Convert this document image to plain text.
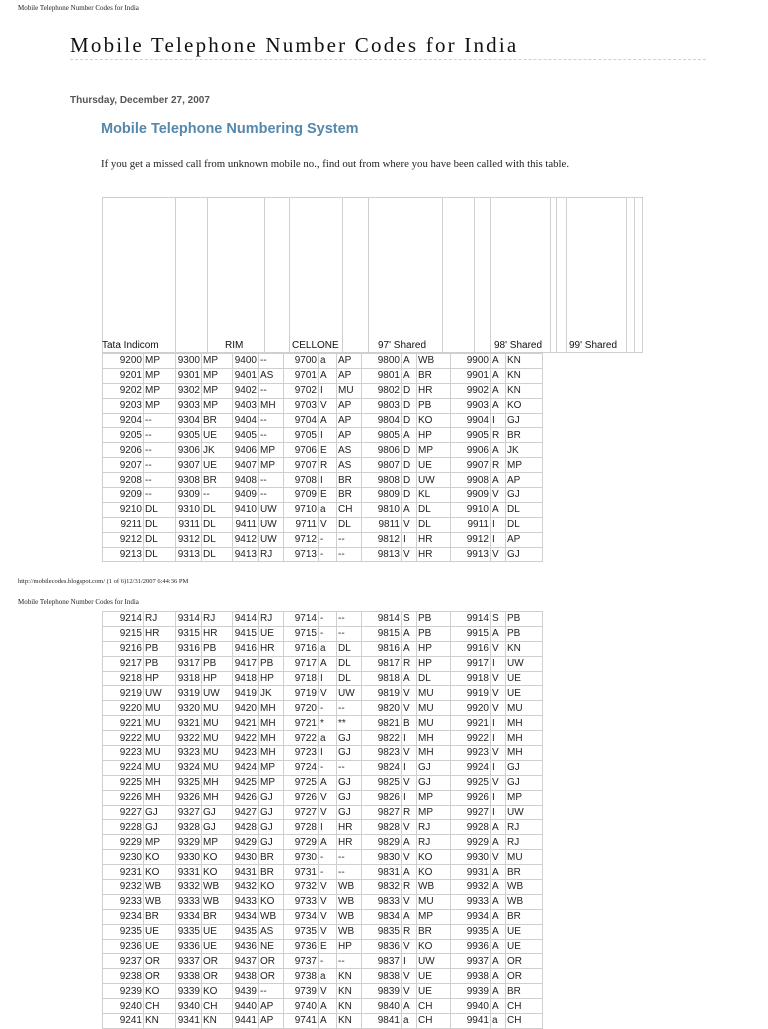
Mobile Telephone Number Codes for India
Mobile Telephone Number Codes for India
Thursday, December 27, 2007
Mobile Telephone Numbering System
If you get a missed call from unknown mobile no., find out from where you have been called with this table.
Tata Indicom	RIM	CELLONE	97' Shared	98' Shared	99' Shared
9200	MP	9300	MP	9400	--	9700	a	AP	9800	A	WB	9900	A	KN
9201	MP	9301	MP	9401	AS	9701	A	AP	9801	A	BR	9901	A	KN
9202	MP	9302	MP	9402	--	9702	I	MU	9802	D	HR	9902	A	KN
9203	MP	9303	MP	9403	MH	9703	V	AP	9803	D	PB	9903	A	KO
9204	--	9304	BR	9404	--	9704	A	AP	9804	D	KO	9904	I	GJ
9205	--	9305	UE	9405	--	9705	I	AP	9805	A	HP	9905	R	BR
9206	--	9306	JK	9406	MP	9706	E	AS	9806	D	MP	9906	A	JK
9207	--	9307	UE	9407	MP	9707	R	AS	9807	D	UE	9907	R	MP
9208	--	9308	BR	9408	--	9708	I	BR	9808	D	UW	9908	A	AP
9209	--	9309	--	9409	--	9709	E	BR	9809	D	KL	9909	V	GJ
9210	DL	9310	DL	9410	UW	9710	a	CH	9810	A	DL	9910	A	DL
9211	DL	9311	DL	9411	UW	9711	V	DL	9811	V	DL	9911	I	DL
9212	DL	9312	DL	9412	UW	9712	-	--	9812	I	HR	9912	I	AP
9213	DL	9313	DL	9413	RJ	9713	-	--	9813	V	HR	9913	V	GJ
http://mobilecodes.blogspot.com/ (1 of 6)12/31/2007 6:44:36 PM
Mobile Telephone Number Codes for India
9214	RJ	9314	RJ	9414	RJ	9714	-	--	9814	S	PB	9914	S	PB
9215	HR	9315	HR	9415	UE	9715	-	--	9815	A	PB	9915	A	PB
9216	PB	9316	PB	9416	HR	9716	a	DL	9816	A	HP	9916	V	KN
9217	PB	9317	PB	9417	PB	9717	A	DL	9817	R	HP	9917	I	UW
9218	HP	9318	HP	9418	HP	9718	I	DL	9818	A	DL	9918	V	UE
9219	UW	9319	UW	9419	JK	9719	V	UW	9819	V	MU	9919	V	UE
9220	MU	9320	MU	9420	MH	9720	-	--	9820	V	MU	9920	V	MU
9221	MU	9321	MU	9421	MH	9721	*	**	9821	B	MU	9921	I	MH
9222	MU	9322	MU	9422	MH	9722	a	GJ	9822	I	MH	9922	I	MH
9223	MU	9323	MU	9423	MH	9723	I	GJ	9823	V	MH	9923	V	MH
9224	MU	9324	MU	9424	MP	9724	-	--	9824	I	GJ	9924	I	GJ
9225	MH	9325	MH	9425	MP	9725	A	GJ	9825	V	GJ	9925	V	GJ
9226	MH	9326	MH	9426	GJ	9726	V	GJ	9826	I	MP	9926	I	MP
9227	GJ	9327	GJ	9427	GJ	9727	V	GJ	9827	R	MP	9927	I	UW
9228	GJ	9328	GJ	9428	GJ	9728	I	HR	9828	V	RJ	9928	A	RJ
9229	MP	9329	MP	9429	GJ	9729	A	HR	9829	A	RJ	9929	A	RJ
9230	KO	9330	KO	9430	BR	9730	-	--	9830	V	KO	9930	V	MU
9231	KO	9331	KO	9431	BR	9731	-	--	9831	A	KO	9931	A	BR
9232	WB	9332	WB	9432	KO	9732	V	WB	9832	R	WB	9932	A	WB
9233	WB	9333	WB	9433	KO	9733	V	WB	9833	V	MU	9933	A	WB
9234	BR	9334	BR	9434	WB	9734	V	WB	9834	A	MP	9934	A	BR
9235	UE	9335	UE	9435	AS	9735	V	WB	9835	R	BR	9935	A	UE
9236	UE	9336	UE	9436	NE	9736	E	HP	9836	V	KO	9936	A	UE
9237	OR	9337	OR	9437	OR	9737	-	--	9837	I	UW	9937	A	OR
9238	OR	9338	OR	9438	OR	9738	a	KN	9838	V	UE	9938	A	OR
9239	KO	9339	KO	9439	--	9739	V	KN	9839	V	UE	9939	A	BR
9240	CH	9340	CH	9440	AP	9740	A	KN	9840	A	CH	9940	A	CH
9241	KN	9341	KN	9441	AP	9741	A	KN	9841	a	CH	9941	a	CH
